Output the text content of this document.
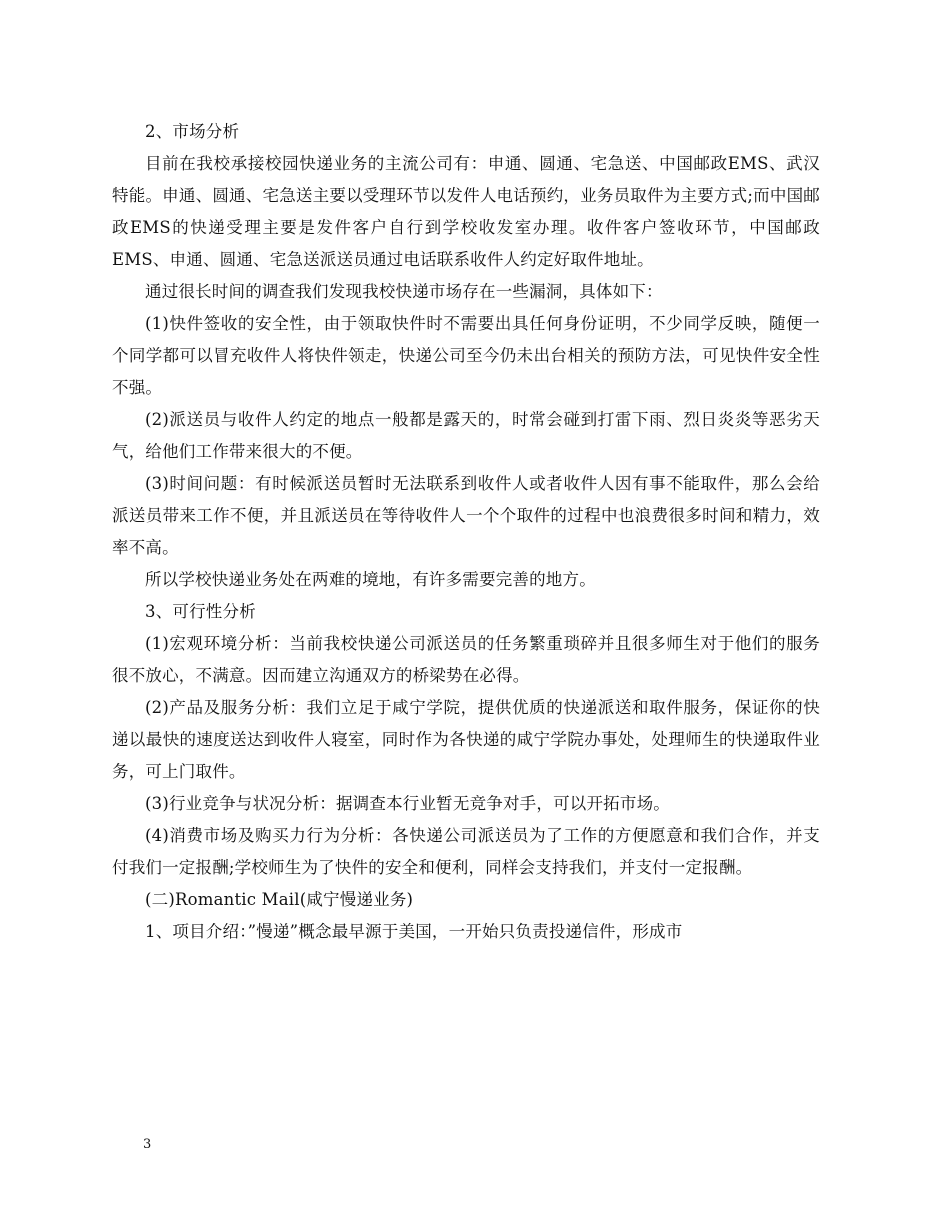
2、市场分析

目前在我校承接校园快递业务的主流公司有：申通、圆通、宅急送、中国邮政EMS、武汉特能。申通、圆通、宅急送主要以受理环节以发件人电话预约，业务员取件为主要方式;而中国邮政EMS的快递受理主要是发件客户自行到学校收发室办理。收件客户签收环节，中国邮政EMS、申通、圆通、宅急送派送员通过电话联系收件人约定好取件地址。

通过很长时间的调查我们发现我校快递市场存在一些漏洞，具体如下：

(1)快件签收的安全性，由于领取快件时不需要出具任何身份证明，不少同学反映，随便一个同学都可以冒充收件人将快件领走，快递公司至今仍未出台相关的预防方法，可见快件安全性不强。

(2)派送员与收件人约定的地点一般都是露天的，时常会碰到打雷下雨、烈日炎炎等恶劣天气，给他们工作带来很大的不便。

(3)时间问题：有时候派送员暂时无法联系到收件人或者收件人因有事不能取件，那么会给派送员带来工作不便，并且派送员在等待收件人一个个取件的过程中也浪费很多时间和精力，效率不高。

所以学校快递业务处在两难的境地，有许多需要完善的地方。

3、可行性分析

(1)宏观环境分析：当前我校快递公司派送员的任务繁重琐碎并且很多师生对于他们的服务很不放心，不满意。因而建立沟通双方的桥梁势在必得。

(2)产品及服务分析：我们立足于咸宁学院，提供优质的快递派送和取件服务，保证你的快递以最快的速度送达到收件人寝室，同时作为各快递的咸宁学院办事处，处理师生的快递取件业务，可上门取件。

(3)行业竞争与状况分析：据调查本行业暂无竞争对手，可以开拓市场。

(4)消费市场及购买力行为分析：各快递公司派送员为了工作的方便愿意和我们合作，并支付我们一定报酬;学校师生为了快件的安全和便利，同样会支持我们，并支付一定报酬。

(二)Romantic Mail(咸宁慢递业务)

1、项目介绍：”慢递”概念最早源于美国，一开始只负责投递信件，形成市

3
